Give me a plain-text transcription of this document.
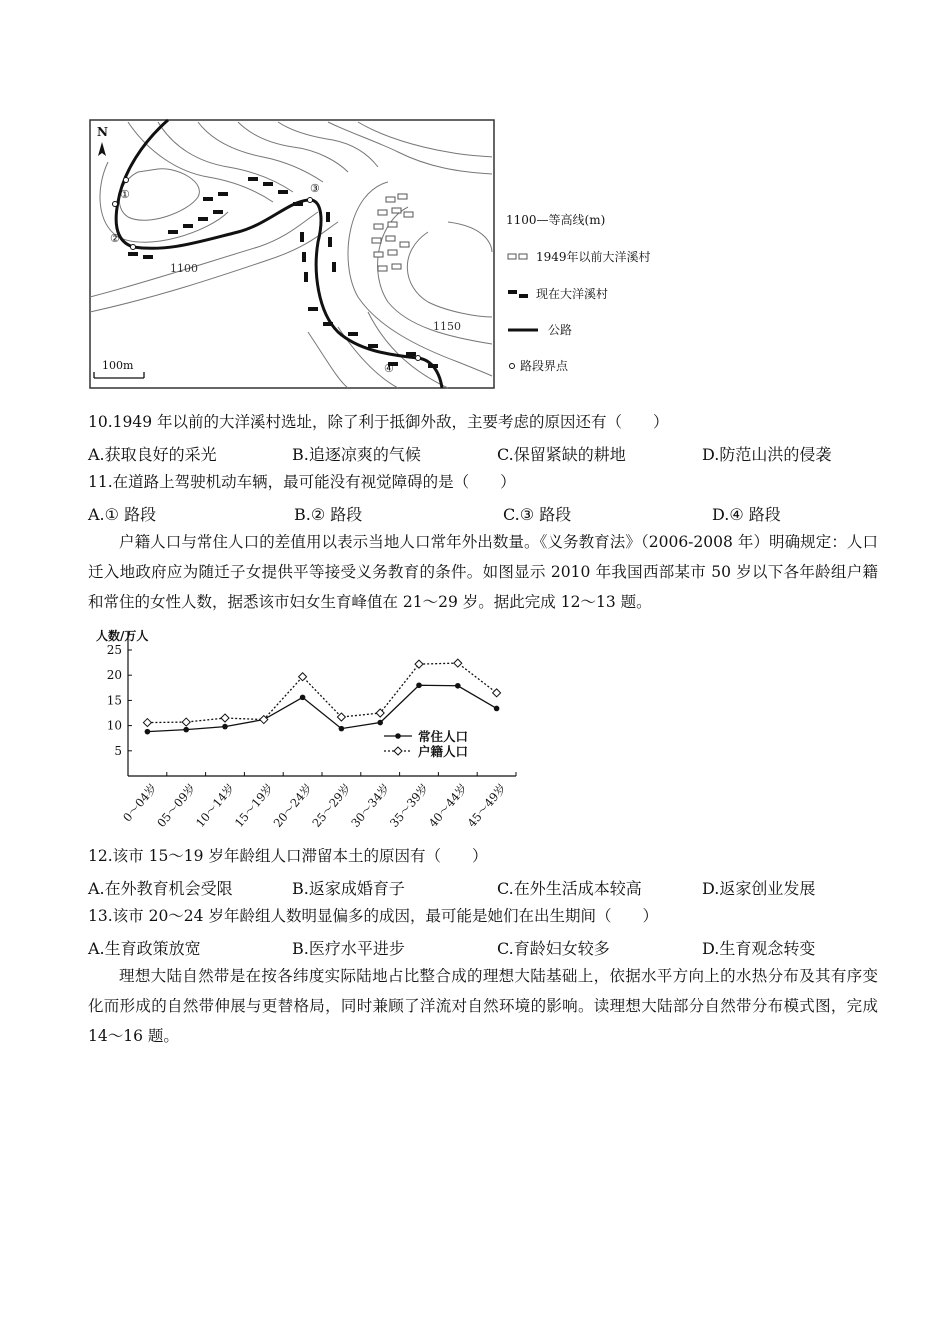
①
②
③
④
N
1100
1150
100m
1100—等高线(m)
1949年以前大洋溪村
现在大洋溪村
公路
路段界点
10.1949 年以前的大洋溪村选址，除了利于抵御外敌，主要考虑的原因还有（　　）
A.获取良好的采光	B.追逐凉爽的气候	C.保留紧缺的耕地	D.防范山洪的侵袭
11.在道路上驾驶机动车辆，最可能没有视觉障碍的是（　　）
A.① 路段	B.② 路段	C.③ 路段	D.④ 路段

户籍人口与常住人口的差值用以表示当地人口常年外出数量。《义务教育法》（2006-2008 年）明确规定：人口迁入地政府应为随迁子女提供平等接受义务教育的条件。如图显示 2010 年我国西部某市 50 岁以下各年龄组户籍和常住的女性人数，据悉该市妇女生育峰值在 21～29 岁。据此完成 12～13 题。

人数/万人
5
10
15
20
25
0～04岁
05～09岁
10～14岁
15～19岁
20～24岁
25～29岁
30～34岁
35～39岁
40～44岁
45～49岁
常住人口
户籍人口
12.该市 15～19 岁年龄组人口滞留本土的原因有（　　）
A.在外教育机会受限	B.返家成婚育子	C.在外生活成本较高	D.返家创业发展
13.该市 20～24 岁年龄组人数明显偏多的成因，最可能是她们在出生期间（　　）
A.生育政策放宽	B.医疗水平进步	C.育龄妇女较多	D.生育观念转变

理想大陆自然带是在按各纬度实际陆地占比整合成的理想大陆基础上，依据水平方向上的水热分布及其有序变化而形成的自然带伸展与更替格局，同时兼顾了洋流对自然环境的影响。读理想大陆部分自然带分布模式图，完成 14～16 题。
